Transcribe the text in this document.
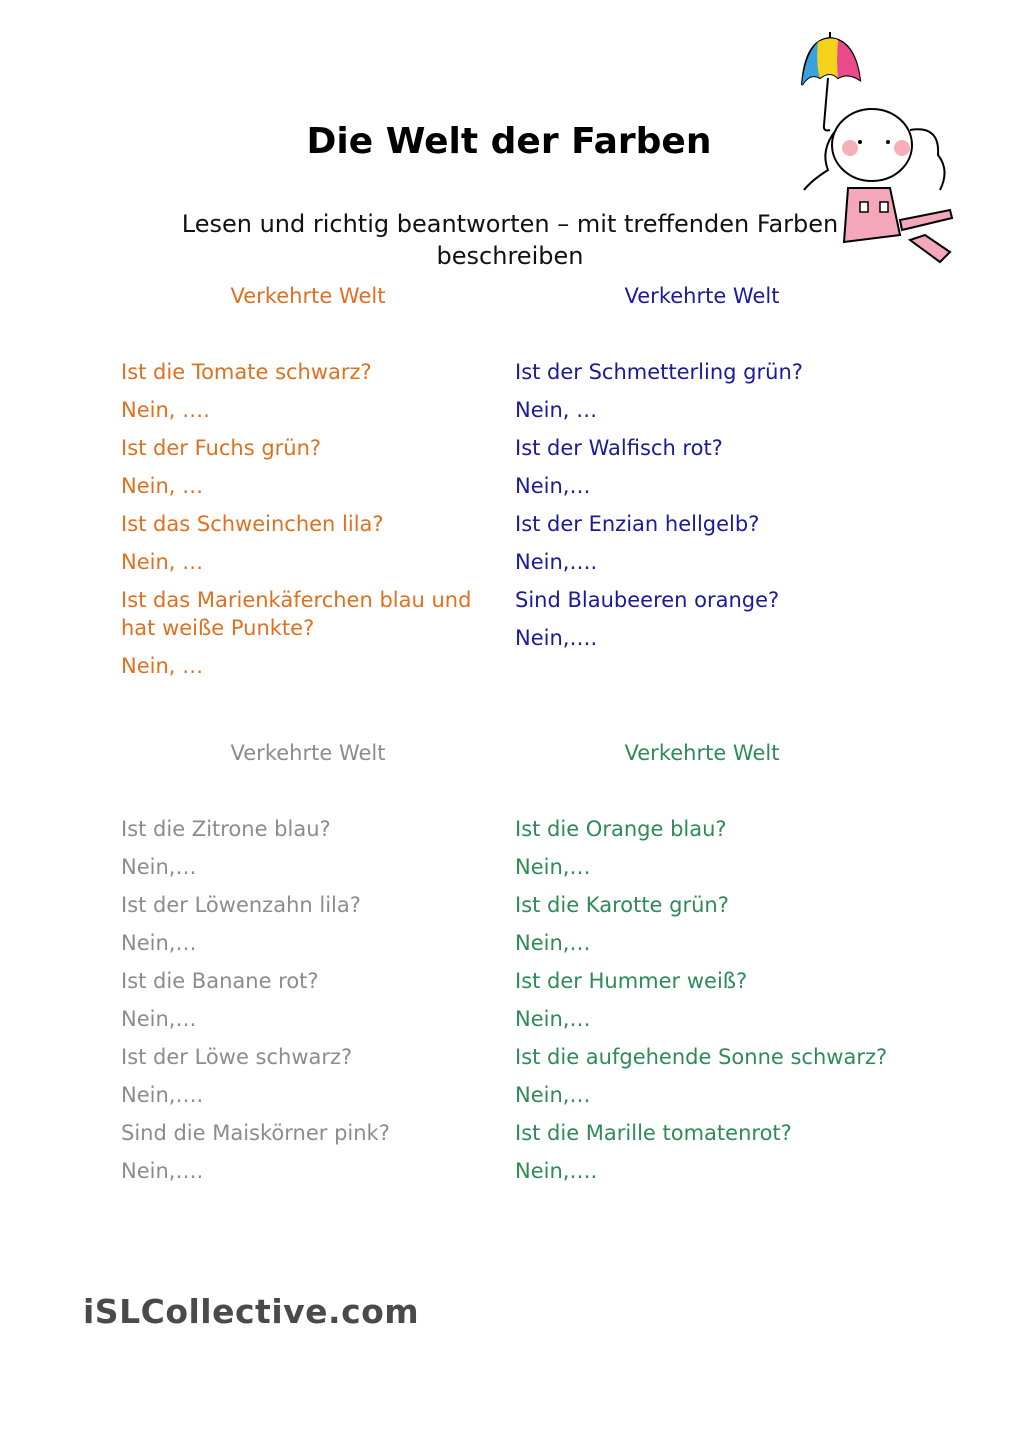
Die Welt der Farben
Lesen und richtig beantworten – mit treffenden Farben beschreiben
Verkehrte Welt	Verkehrte Welt
Verkehrte Welt	Verkehrte Welt
Ist die Tomate schwarz?
Nein, ….
Ist der Fuchs grün?
Nein, …
Ist das Schweinchen lila?
Nein, …
Ist das Marienkäferchen blau und hat weiße Punkte?
Nein, …
Ist der Schmetterling grün?
Nein, …
Ist der Walfisch rot?
Nein,…
Ist der Enzian hellgelb?
Nein,….
Sind Blaubeeren orange?
Nein,….
Ist die Zitrone blau?
Nein,…
Ist der Löwenzahn lila?
Nein,…
Ist die Banane rot?
Nein,…
Ist der Löwe schwarz?
Nein,….
Sind die Maiskörner pink?
Nein,….
Ist die Orange blau?
Nein,…
Ist die Karotte grün?
Nein,…
Ist der Hummer weiß?
Nein,…
Ist die aufgehende Sonne schwarz?
Nein,…
Ist die Marille tomatenrot?
Nein,….
iSLCollective.com
